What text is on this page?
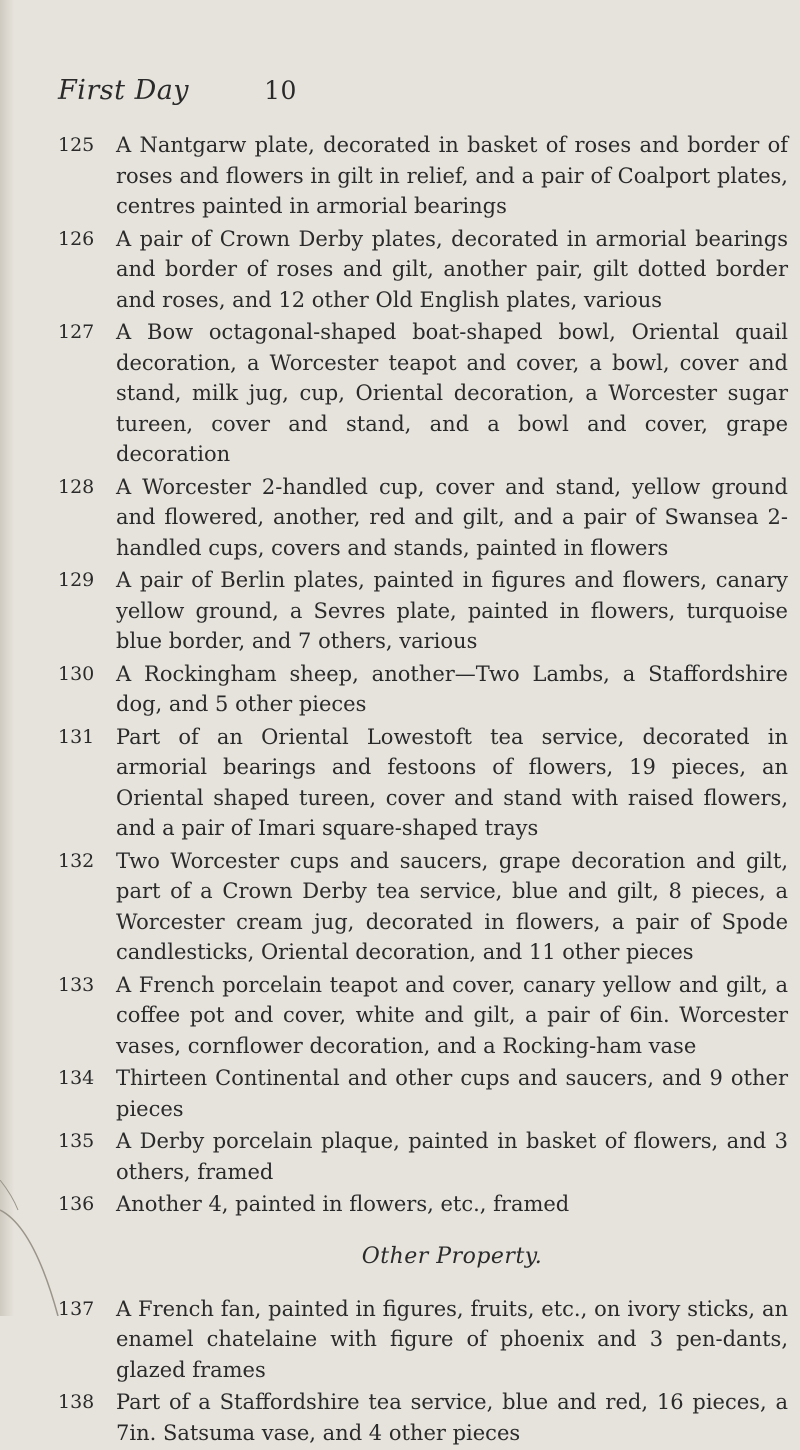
First Day	10
125	A Nantgarw plate, decorated in basket of roses and border of roses and flowers in gilt in relief, and a pair of Coalport plates, centres painted in armorial bearings
126	A pair of Crown Derby plates, decorated in armorial bearings and border of roses and gilt, another pair, gilt dotted border and roses, and 12 other Old English plates, various
127	A Bow octagonal-shaped boat-shaped bowl, Oriental quail decoration, a Worcester teapot and cover, a bowl, cover and stand, milk jug, cup, Oriental decoration, a Worcester sugar tureen, cover and stand, and a bowl and cover, grape decoration
128	A Worcester 2-handled cup, cover and stand, yellow ground and flowered, another, red and gilt, and a pair of Swansea 2-handled cups, covers and stands, painted in flowers
129	A pair of Berlin plates, painted in figures and flowers, canary yellow ground, a Sevres plate, painted in flowers, turquoise blue border, and 7 others, various
130	A Rockingham sheep, another—Two Lambs, a Staffordshire dog, and 5 other pieces
131	Part of an Oriental Lowestoft tea service, decorated in armorial bearings and festoons of flowers, 19 pieces, an Oriental shaped tureen, cover and stand with raised flowers, and a pair of Imari square-shaped trays
132	Two Worcester cups and saucers, grape decoration and gilt, part of a Crown Derby tea service, blue and gilt, 8 pieces, a Worcester cream jug, decorated in flowers, a pair of Spode candlesticks, Oriental decoration, and 11 other pieces
133	A French porcelain teapot and cover, canary yellow and gilt, a coffee pot and cover, white and gilt, a pair of 6in. Worcester vases, cornflower decoration, and a Rocking-ham vase
134	Thirteen Continental and other cups and saucers, and 9 other pieces
135	A Derby porcelain plaque, painted in basket of flowers, and 3 others, framed
136	Another 4, painted in flowers, etc., framed
Other Property.
137	A French fan, painted in figures, fruits, etc., on ivory sticks, an enamel chatelaine with figure of phoenix and 3 pen-dants, glazed frames
138	Part of a Staffordshire tea service, blue and red, 16 pieces, a 7in. Satsuma vase, and 4 other pieces
